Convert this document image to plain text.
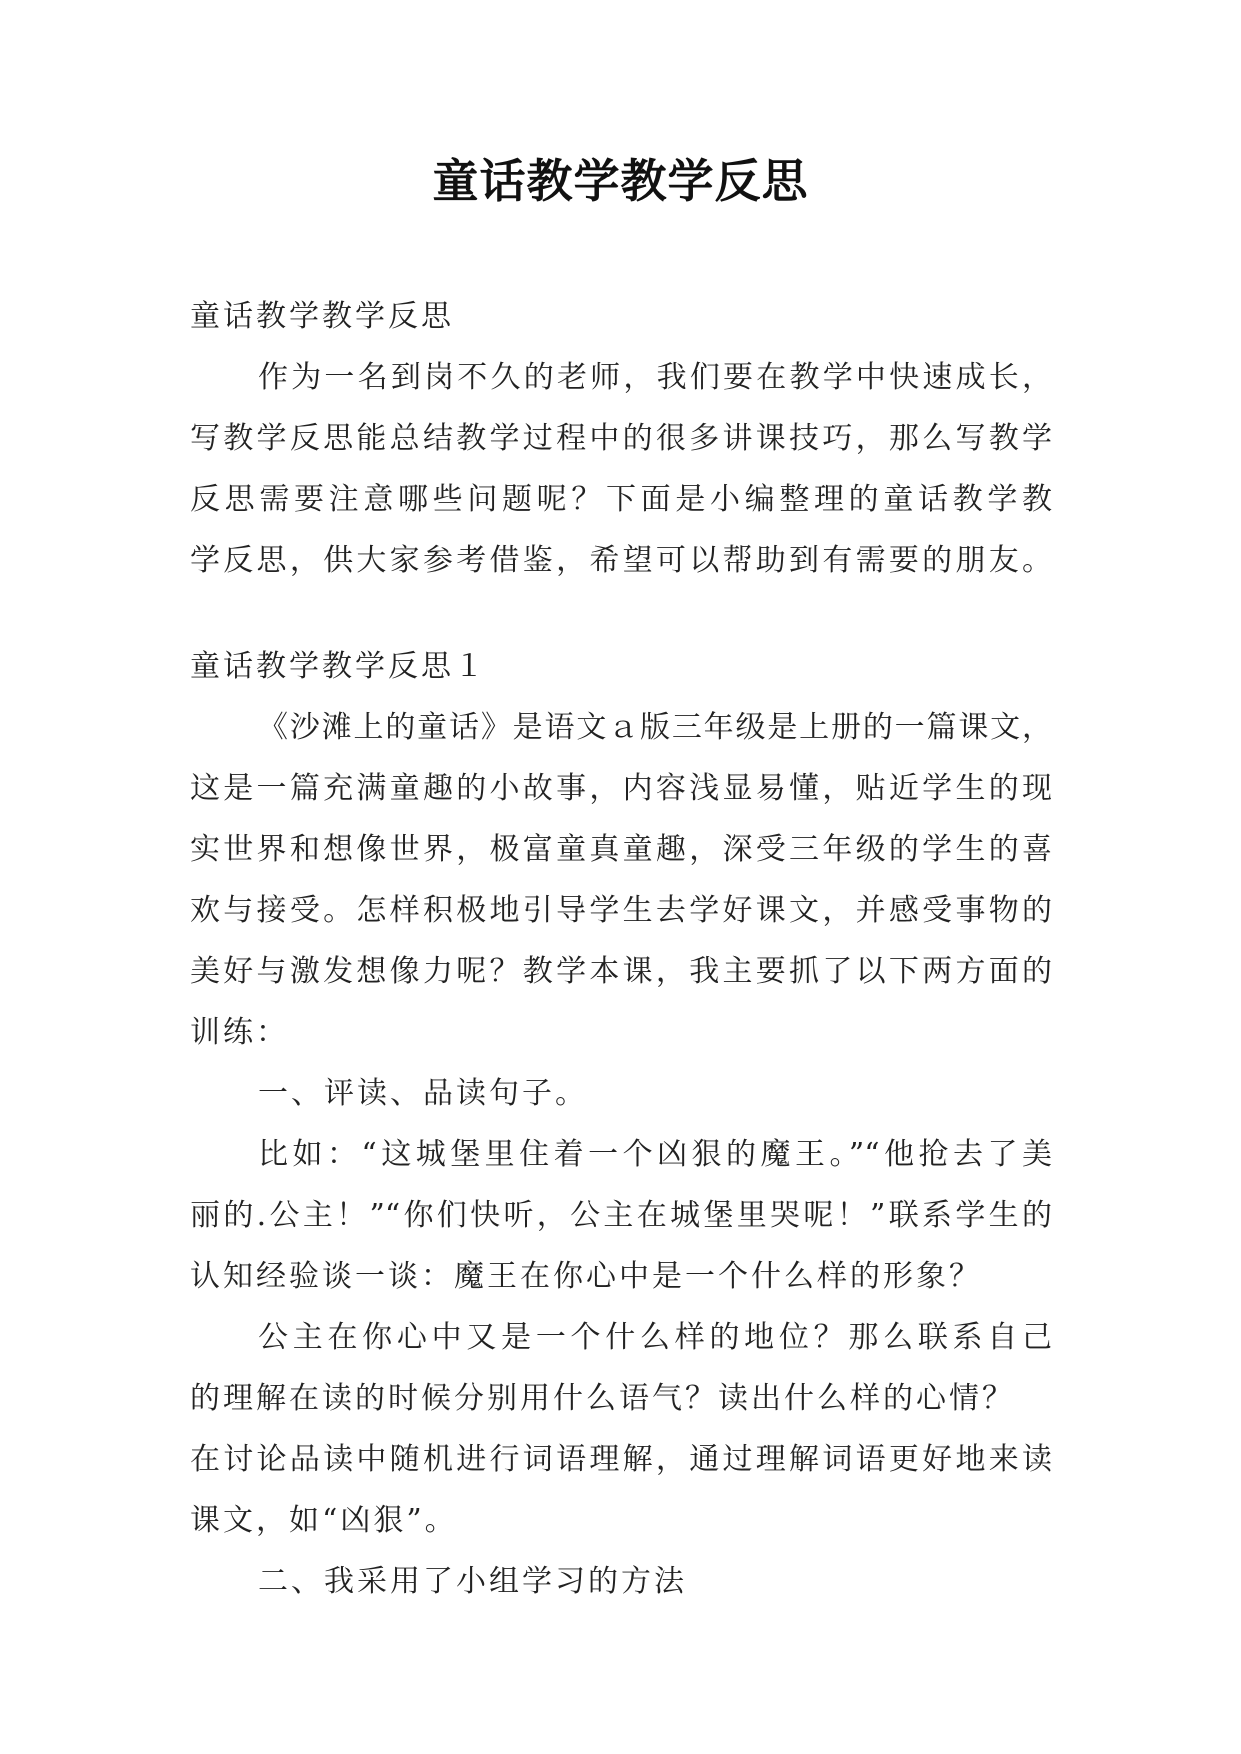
童话教学教学反思
童话教学教学反思
作为一名到岗不久的老师，我们要在教学中快速成长，
写教学反思能总结教学过程中的很多讲课技巧，那么写教学
反思需要注意哪些问题呢？下面是小编整理的童话教学教
学反思，供大家参考借鉴，希望可以帮助到有需要的朋友。
童话教学教学反思１
《沙滩上的童话》是语文ａ版三年级是上册的一篇课文，
这是一篇充满童趣的小故事，内容浅显易懂，贴近学生的现
实世界和想像世界，极富童真童趣，深受三年级的学生的喜
欢与接受。怎样积极地引导学生去学好课文，并感受事物的
美好与激发想像力呢？教学本课，我主要抓了以下两方面的
训练：
一、评读、品读句子。
比如：“这城堡里住着一个凶狠的魔王。”“他抢去了美
丽的.公主！”“你们快听，公主在城堡里哭呢！”联系学生的
认知经验谈一谈：魔王在你心中是一个什么样的形象？
公主在你心中又是一个什么样的地位？那么联系自己
的理解在读的时候分别用什么语气？读出什么样的心情？
在讨论品读中随机进行词语理解，通过理解词语更好地来读
课文，如“凶狠”。
二、我采用了小组学习的方法
